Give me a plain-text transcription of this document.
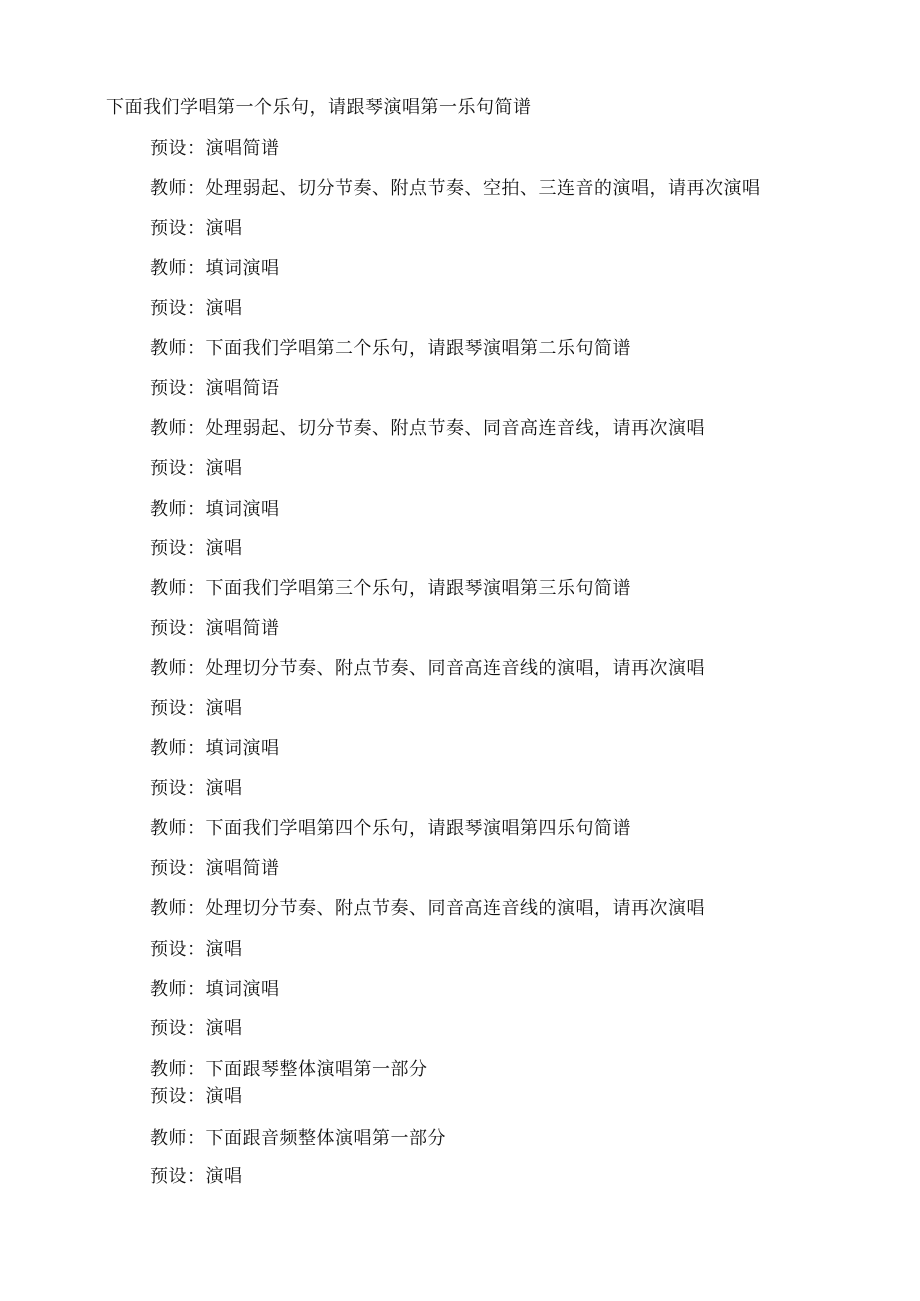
下面我们学唱第一个乐句，请跟琴演唱第一乐句简谱
预设：演唱简谱
教师：处理弱起、切分节奏、附点节奏、空拍、三连音的演唱，请再次演唱
预设：演唱
教师：填词演唱
预设：演唱
教师：下面我们学唱第二个乐句，请跟琴演唱第二乐句简谱
预设：演唱简语
教师：处理弱起、切分节奏、附点节奏、同音高连音线，请再次演唱
预设：演唱
教师：填词演唱
预设：演唱
教师：下面我们学唱第三个乐句，请跟琴演唱第三乐句简谱
预设：演唱简谱
教师：处理切分节奏、附点节奏、同音高连音线的演唱，请再次演唱
预设：演唱
教师：填词演唱
预设：演唱
教师：下面我们学唱第四个乐句，请跟琴演唱第四乐句简谱
预设：演唱简谱
教师：处理切分节奏、附点节奏、同音高连音线的演唱，请再次演唱
预设：演唱
教师：填词演唱
预设：演唱
教师：下面跟琴整体演唱第一部分
预设：演唱
教师：下面跟音频整体演唱第一部分
预设：演唱
